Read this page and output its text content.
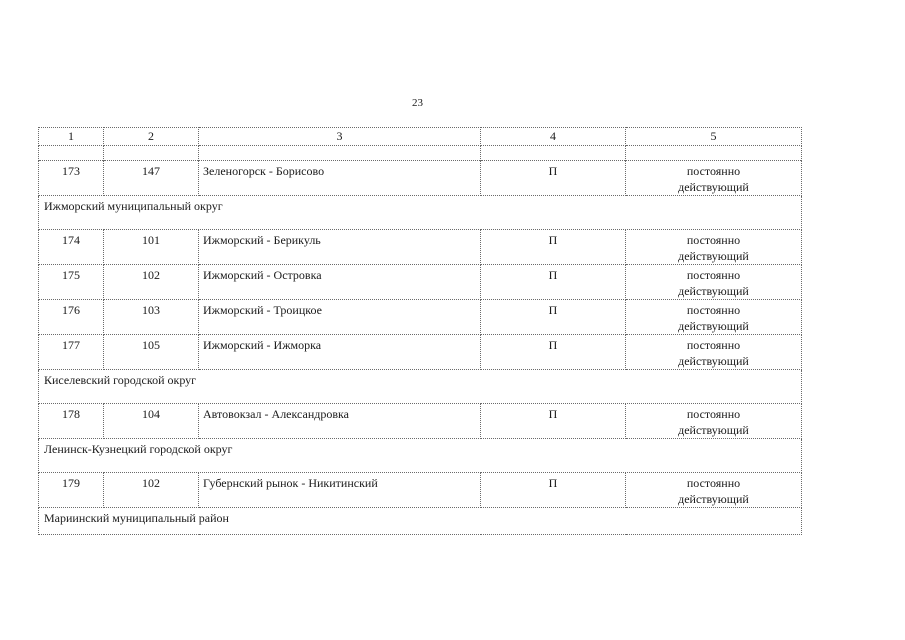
23
1	2	3	4	5

173	147	Зеленогорск - Борисово	П	постоянно
действующий

Ижморский муниципальный округ				
174	101	Ижморский - Берикуль	П	постоянно
действующий

175	102	Ижморский - Островка	П	постоянно
действующий

176	103	Ижморский - Троицкое	П	постоянно
действующий

177	105	Ижморский - Ижморка	П	постоянно
действующий

Киселевский городской округ				
178	104	Автовокзал - Александровка	П	постоянно
действующий

Ленинск-Кузнецкий городской округ				
179	102	Губернский рынок - Никитинский	П	постоянно
действующий

Мариинский муниципальный район				
